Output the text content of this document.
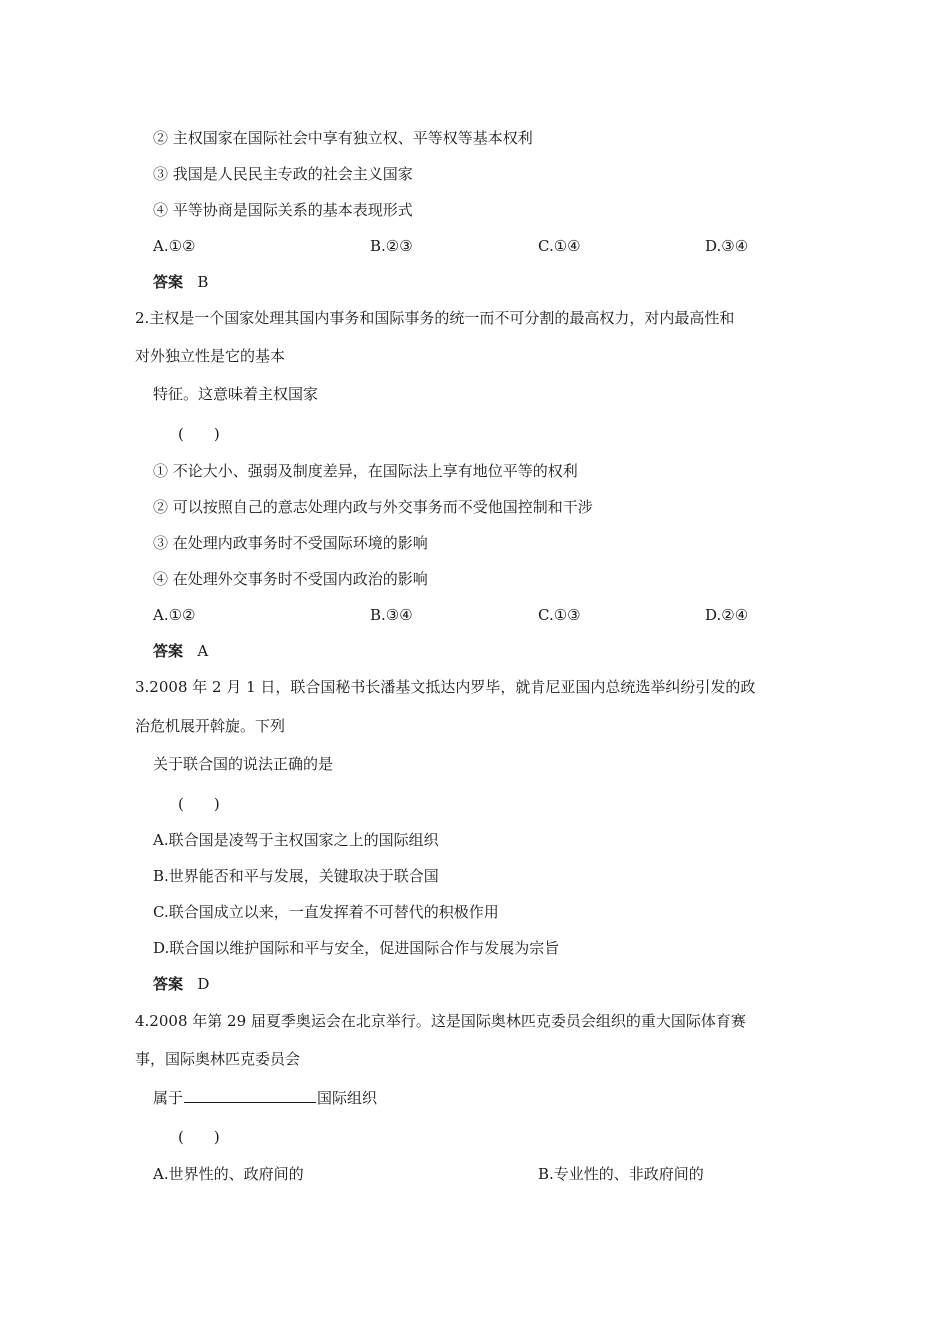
② 主权国家在国际社会中享有独立权、平等权等基本权利
③ 我国是人民民主专政的社会主义国家
④ 平等协商是国际关系的基本表现形式
A.①②	B.②③	C.①④	D.③④
答案 B
2.主权是一个国家处理其国内事务和国际事务的统一而不可分割的最高权力，对内最高性和
对外独立性是它的基本
特征。这意味着主权国家
(　　)
① 不论大小、强弱及制度差异，在国际法上享有地位平等的权利
② 可以按照自己的意志处理内政与外交事务而不受他国控制和干涉
③ 在处理内政事务时不受国际环境的影响
④ 在处理外交事务时不受国内政治的影响
A.①②	B.③④	C.①③	D.②④
答案 A
3.2008 年 2 月 1 日，联合国秘书长潘基文抵达内罗毕，就肯尼亚国内总统选举纠纷引发的政
治危机展开斡旋。下列
关于联合国的说法正确的是
(　　)
A.联合国是凌驾于主权国家之上的国际组织
B.世界能否和平与发展，关键取决于联合国
C.联合国成立以来，一直发挥着不可替代的积极作用
D.联合国以维护国际和平与安全，促进国际合作与发展为宗旨
答案 D
4.2008 年第 29 届夏季奥运会在北京举行。这是国际奥林匹克委员会组织的重大国际体育赛
事，国际奥林匹克委员会
属于	国际组织
(　　)
A.世界性的、政府间的	B.专业性的、非政府间的
